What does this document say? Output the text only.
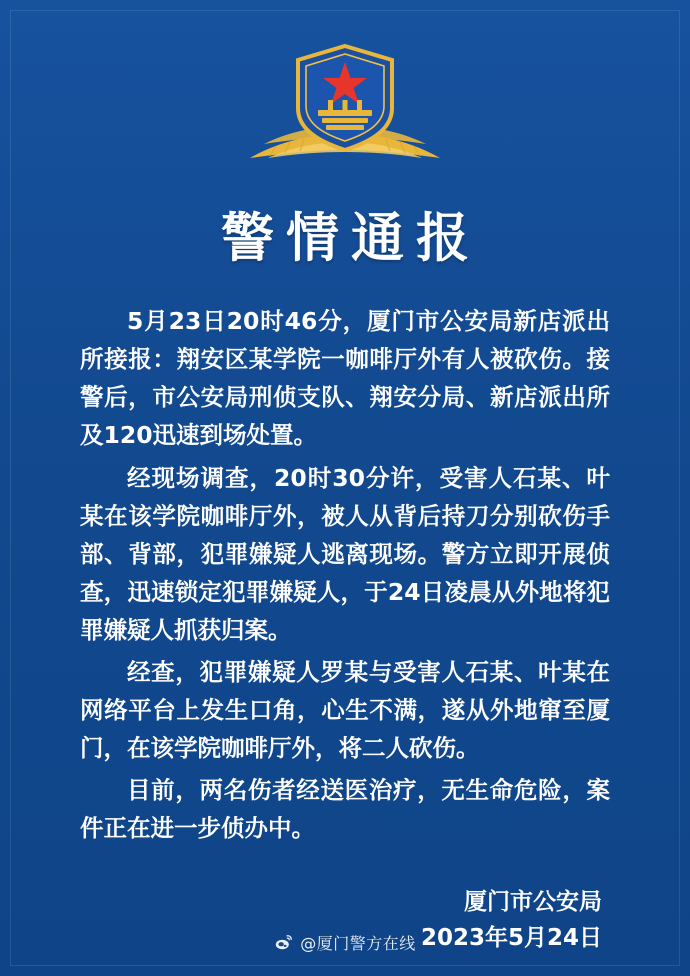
警情通报

5月23日20时46分，厦门市公安局新店派出所接报：翔安区某学院一咖啡厅外有人被砍伤。接警后，市公安局刑侦支队、翔安分局、新店派出所及120迅速到场处置。

经现场调查，20时30分许，受害人石某、叶某在该学院咖啡厅外，被人从背后持刀分别砍伤手部、背部，犯罪嫌疑人逃离现场。警方立即开展侦查，迅速锁定犯罪嫌疑人，于24日凌晨从外地将犯罪嫌疑人抓获归案。

经查，犯罪嫌疑人罗某与受害人石某、叶某在网络平台上发生口角，心生不满，遂从外地窜至厦门，在该学院咖啡厅外，将二人砍伤。

目前，两名伤者经送医治疗，无生命危险，案件正在进一步侦办中。

厦门市公安局
2023年5月24日
@厦门警方在线
